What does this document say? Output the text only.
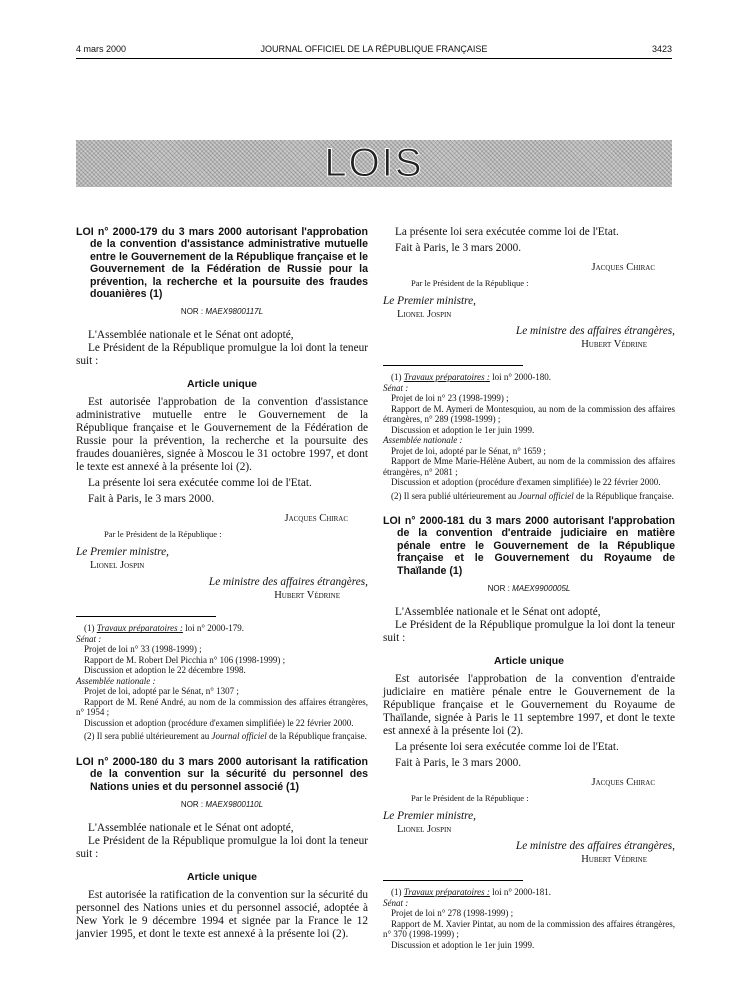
4 mars 2000	JOURNAL OFFICIEL DE LA RÉPUBLIQUE FRANÇAISE	3423
LOIS
LOI n° 2000-179 du 3 mars 2000 autorisant l'approbation de la convention d'assistance administrative mutuelle entre le Gouvernement de la République française et le Gouvernement de la Fédération de Russie pour la prévention, la recherche et la poursuite des fraudes douanières (1)
NOR : MAEX9800117L

L'Assemblée nationale et le Sénat ont adopté,

Le Président de la République promulgue la loi dont la teneur suit :

Article unique

Est autorisée l'approbation de la convention d'assistance administrative mutuelle entre le Gouvernement de la République française et le Gouvernement de la Fédération de Russie pour la prévention, la recherche et la poursuite des fraudes douanières, signée à Moscou le 31 octobre 1997, et dont le texte est annexé à la présente loi (2).

La présente loi sera exécutée comme loi de l'Etat.

Fait à Paris, le 3 mars 2000.

Jacques Chirac
Par le Président de la République :
Le Premier ministre,
Lionel Jospin
Le ministre des affaires étrangères,
Hubert Védrine

(1) Travaux préparatoires : loi n° 2000-179.

Sénat :

Projet de loi n° 33 (1998-1999) ;

Rapport de M. Robert Del Picchia n° 106 (1998-1999) ;

Discussion et adoption le 22 décembre 1998.

Assemblée nationale :

Projet de loi, adopté par le Sénat, n° 1307 ;

Rapport de M. René André, au nom de la commission des affaires étrangères, n° 1954 ;

Discussion et adoption (procédure d'examen simplifiée) le 22 février 2000.

(2) Il sera publié ultérieurement au Journal officiel de la République française.

LOI n° 2000-180 du 3 mars 2000 autorisant la ratification de la convention sur la sécurité du personnel des Nations unies et du personnel associé (1)
NOR : MAEX9800110L

L'Assemblée nationale et le Sénat ont adopté,

Le Président de la République promulgue la loi dont la teneur suit :

Article unique

Est autorisée la ratification de la convention sur la sécurité du personnel des Nations unies et du personnel associé, adoptée à New York le 9 décembre 1994 et signée par la France le 12 janvier 1995, et dont le texte est annexé à la présente loi (2).

La présente loi sera exécutée comme loi de l'Etat.

Fait à Paris, le 3 mars 2000.

Jacques Chirac
Par le Président de la République :
Le Premier ministre,
Lionel Jospin
Le ministre des affaires étrangères,
Hubert Védrine

(1) Travaux préparatoires : loi n° 2000-180.

Sénat :

Projet de loi n° 23 (1998-1999) ;

Rapport de M. Aymeri de Montesquiou, au nom de la commission des affaires étrangères, n° 289 (1998-1999) ;

Discussion et adoption le 1er juin 1999.

Assemblée nationale :

Projet de loi, adopté par le Sénat, n° 1659 ;

Rapport de Mme Marie-Hélène Aubert, au nom de la commission des affaires étrangères, n° 2081 ;

Discussion et adoption (procédure d'examen simplifiée) le 22 février 2000.

(2) Il sera publié ultérieurement au Journal officiel de la République française.

LOI n° 2000-181 du 3 mars 2000 autorisant l'approbation de la convention d'entraide judiciaire en matière pénale entre le Gouvernement de la République française et le Gouvernement du Royaume de Thaïlande (1)
NOR : MAEX9900005L

L'Assemblée nationale et le Sénat ont adopté,

Le Président de la République promulgue la loi dont la teneur suit :

Article unique

Est autorisée l'approbation de la convention d'entraide judiciaire en matière pénale entre le Gouvernement de la République française et le Gouvernement du Royaume de Thaïlande, signée à Paris le 11 septembre 1997, et dont le texte est annexé à la présente loi (2).

La présente loi sera exécutée comme loi de l'Etat.

Fait à Paris, le 3 mars 2000.

Jacques Chirac
Par le Président de la République :
Le Premier ministre,
Lionel Jospin
Le ministre des affaires étrangères,
Hubert Védrine

(1) Travaux préparatoires : loi n° 2000-181.

Sénat :

Projet de loi n° 278 (1998-1999) ;

Rapport de M. Xavier Pintat, au nom de la commission des affaires étrangères, n° 370 (1998-1999) ;

Discussion et adoption le 1er juin 1999.
